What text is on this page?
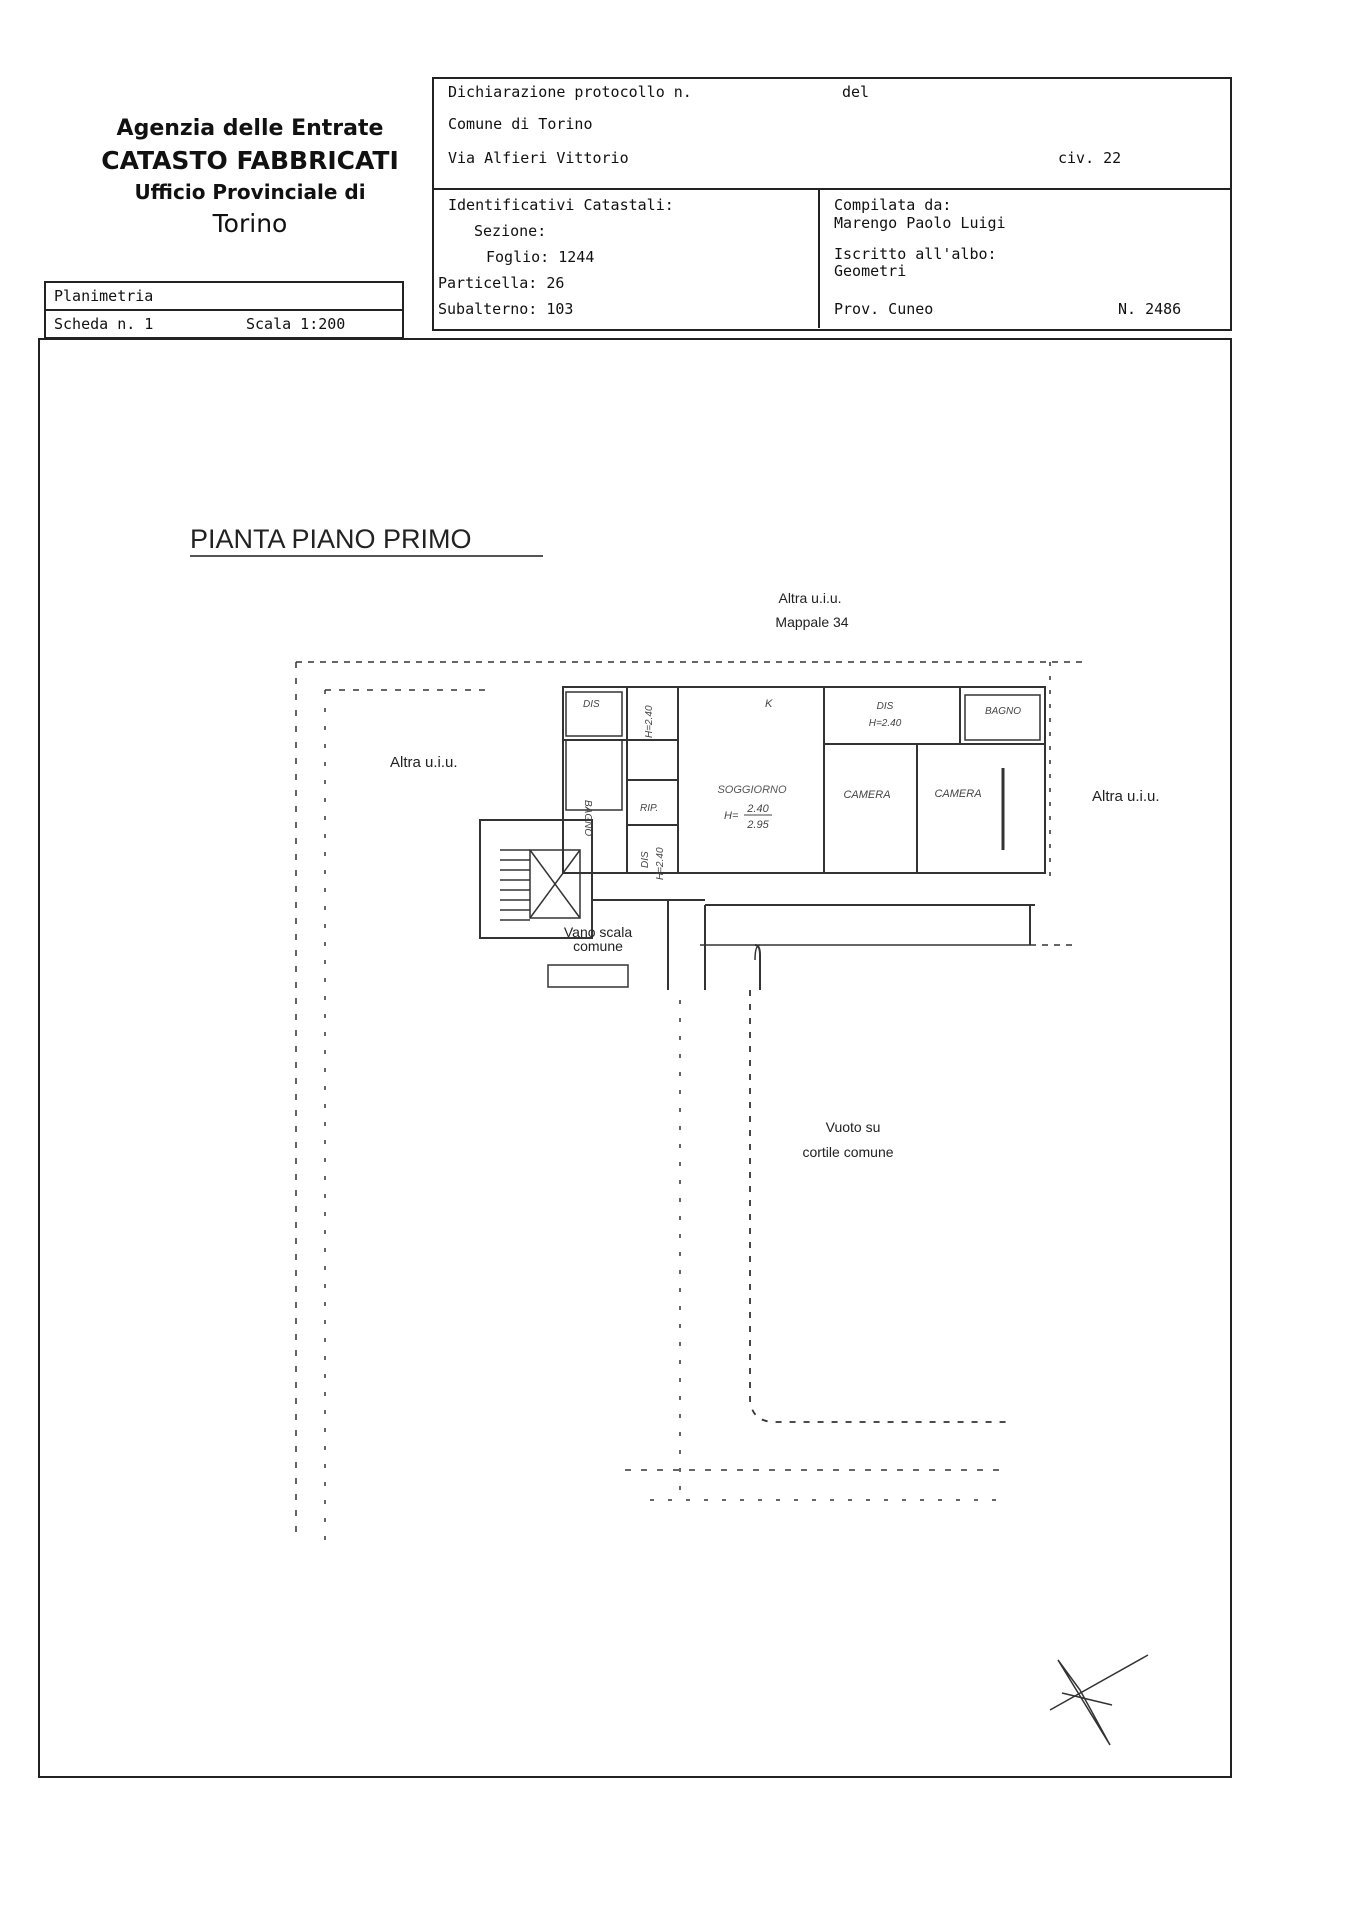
Agenzia delle Entrate
CATASTO FABBRICATI
Ufficio Provinciale di
Torino
Planimetria
Scheda n. 1	Scala 1:200
Dichiarazione protocollo n.	del
Comune di Torino
Via Alfieri Vittorio	civ. 22
Identificativi Catastali:
Sezione:
Foglio: 1244
Particella: 26
Subalterno: 103
Compilata da:
Marengo Paolo Luigi
Iscritto all'albo:
Geometri
Prov. Cuneo	N. 2486
PIANTA PIANO PRIMO
Altra u.i.u.
Mappale 34
Altra u.i.u.
Altra u.i.u.
DIS
H=2.40
K	DIS
H=2.40
BAGNO
BAGNO
SOGGIORNO
H=
2.40
2.95
CAMERA	CAMERA
RIP.
DIS H=2.40
Vano scala
comune
Vuoto su
cortile comune
